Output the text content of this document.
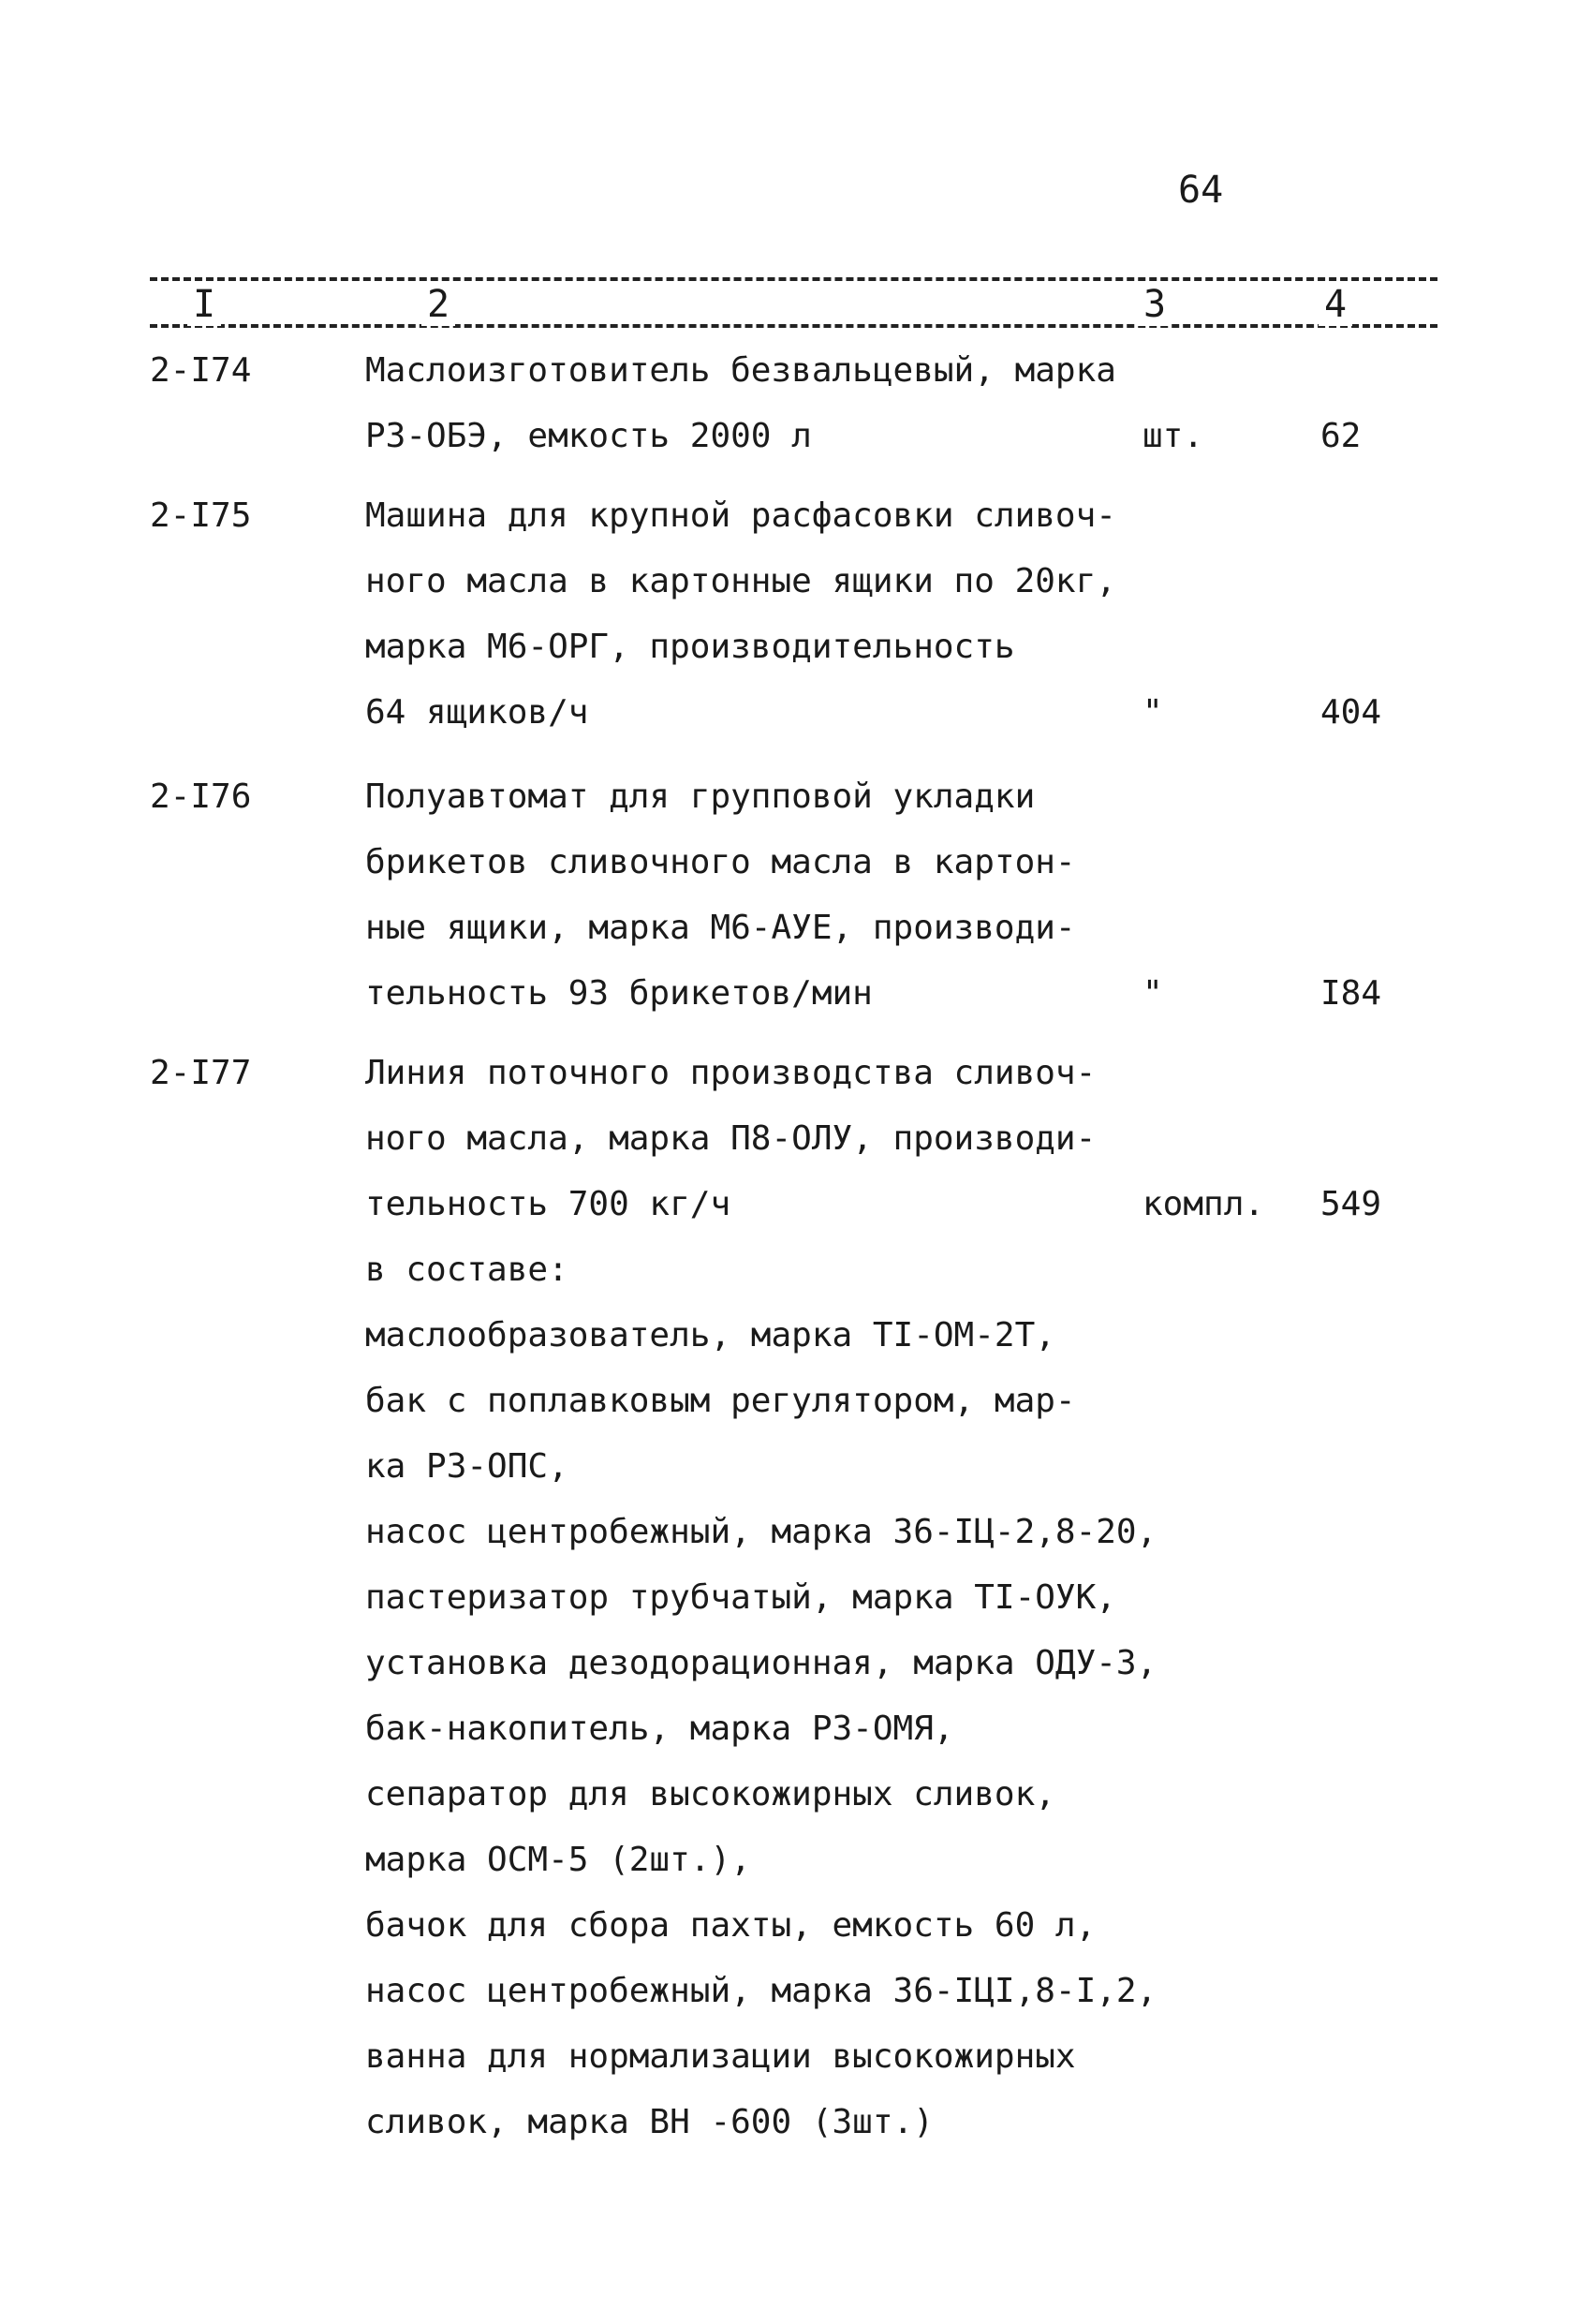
64
I	2	3	4
2-I74	Маслоизготовитель безвальцевый, марка
Р3-ОБЭ, емкость 2000 л	шт.	62
2-I75	Машина для крупной расфасовки сливоч-
ного масла в картонные ящики по 20кг,
марка М6-ОРГ, производительность
64 ящиков/ч	"	404
2-I76	Полуавтомат для групповой укладки
брикетов сливочного масла в картон-
ные ящики, марка М6-АУЕ, производи-
тельность 93 брикетов/мин	"	I84
2-I77	Линия поточного производства сливоч-
ного масла, марка П8-ОЛУ, производи-
тельность 700 кг/ч	компл. 549
в составе:
маслообразователь, марка ТI-ОМ-2Т,
бак с поплавковым регулятором, мар-
ка Р3-ОПС,
насос центробежный, марка 36-IЦ-2,8-20,
пастеризатор трубчатый, марка ТI-ОУК,
установка дезодорационная, марка ОДУ-3,
бак-накопитель, марка Р3-ОМЯ,
сепаратор для высокожирных сливок,
марка ОСМ-5 (2шт.),
бачок для сбора пахты, емкость 60 л,
насос центробежный, марка 36-IЦI,8-I,2,
ванна для нормализации высокожирных
сливок, марка ВН -600 (3шт.)
